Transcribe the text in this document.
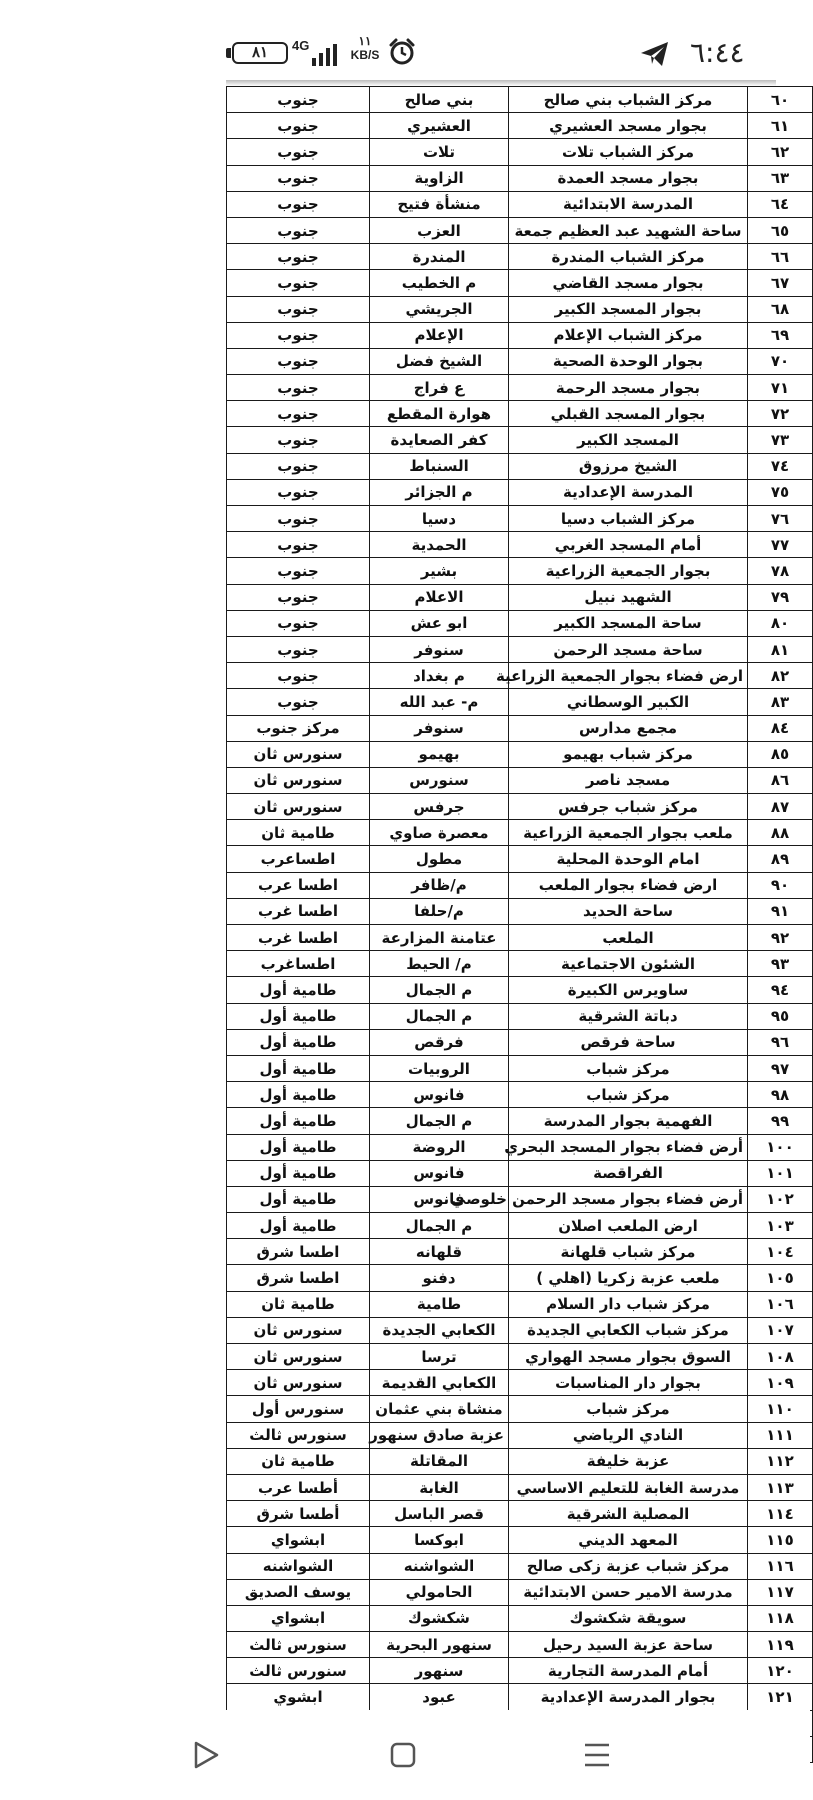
٨١	4G	١١
KB/S	٦:٤٤
٦٠	مركز الشباب بني صالح	بني صالح	جنوب
٦١	بجوار مسجد العشيري	العشيري	جنوب
٦٢	مركز الشباب تلات	تلات	جنوب
٦٣	بجوار مسجد العمدة	الزاوية	جنوب
٦٤	المدرسة الابتدائية	منشأة فتيح	جنوب
٦٥	ساحة الشهيد عبد العظيم جمعة	العزب	جنوب
٦٦	مركز الشباب المندرة	المندرة	جنوب
٦٧	بجوار مسجد القاضي	م الخطيب	جنوب
٦٨	بجوار المسجد الكبير	الجريشي	جنوب
٦٩	مركز الشباب الإعلام	الإعلام	جنوب
٧٠	بجوار الوحدة الصحية	الشيخ فضل	جنوب
٧١	بجوار مسجد الرحمة	ع فراج	جنوب
٧٢	بجوار المسجد القبلي	هوارة المقطع	جنوب
٧٣	المسجد الكبير	كفر الصعايدة	جنوب
٧٤	الشيخ مرزوق	السنباط	جنوب
٧٥	المدرسة الإعدادية	م الجزائر	جنوب
٧٦	مركز الشباب دسيا	دسيا	جنوب
٧٧	أمام المسجد الغربي	الحمدية	جنوب
٧٨	بجوار الجمعية الزراعية	بشير	جنوب
٧٩	الشهيد نبيل	الاعلام	جنوب
٨٠	ساحة المسجد الكبير	ابو عش	جنوب
٨١	ساحة مسجد الرحمن	سنوفر	جنوب
٨٢	ارض فضاء بجوار الجمعية الزراعية	م بغداد	جنوب
٨٣	الكبير الوسطاني	م- عبد الله	جنوب
٨٤	مجمع مدارس	سنوفر	مركز جنوب
٨٥	مركز شباب بهيمو	بهيمو	سنورس ثان
٨٦	مسجد ناصر	سنورس	سنورس ثان
٨٧	مركز شباب جرفس	جرفس	سنورس ثان
٨٨	ملعب بجوار الجمعية الزراعية	معصرة صاوي	طامية ثان
٨٩	امام الوحدة المحلية	مطول	اطساعرب
٩٠	ارض فضاء بجوار الملعب	م/ظافر	اطسا عرب
٩١	ساحة الحديد	م/حلفا	اطسا غرب
٩٢	الملعب	عتامنة المزارعة	اطسا غرب
٩٣	الشئون الاجتماعية	م/ الحيط	اطساغرب
٩٤	ساويرس الكبيرة	م الجمال	طامية أول
٩٥	دباتة الشرقية	م الجمال	طامية أول
٩٦	ساحة فرقص	فرقص	طامية أول
٩٧	مركز شباب	الروبيات	طامية أول
٩٨	مركز شباب	فانوس	طامية أول
٩٩	الفهمية بجوار المدرسة	م الجمال	طامية أول
١٠٠	أرض فضاء بجوار المسجد البحري	الروضة	طامية أول
١٠١	الفراقصة	فانوس	طامية أول
١٠٢	أرض فضاء بجوار مسجد الرحمن خلوصي	فانوس	طامية أول
١٠٣	ارض الملعب اصلان	م الجمال	طامية أول
١٠٤	مركز شباب قلهانة	قلهانه	اطسا شرق
١٠٥	ملعب عزبة زكريا (اهلي )	دفنو	اطسا شرق
١٠٦	مركز شباب دار السلام	طامية	طامية ثان
١٠٧	مركز شباب الكعابي الجديدة	الكعابي الجديدة	سنورس ثان
١٠٨	السوق بجوار مسجد الهواري	ترسا	سنورس ثان
١٠٩	بجوار دار المناسبات	الكعابي القديمة	سنورس ثان
١١٠	مركز شباب	منشاة بني عثمان	سنورس أول
١١١	النادي الرياضي	عزبة صادق سنهور	سنورس ثالث
١١٢	عزبة خليفة	المقاتلة	طامية ثان
١١٣	مدرسة الغابة للتعليم الاساسي	الغابة	أطسا عرب
١١٤	المصلية الشرقية	قصر الباسل	أطسا شرق
١١٥	المعهد الديني	ابوكسا	ابشواي
١١٦	مركز شباب عزبة زكى صالح	الشواشنه	الشواشنه
١١٧	مدرسة الامير حسن الابتدائية	الحامولي	يوسف الصديق
١١٨	سويقة شكشوك	شكشوك	ابشواي
١١٩	ساحة عزبة السيد رحيل	سنهور البحرية	سنورس ثالث
١٢٠	أمام المدرسة التجارية	سنهور	سنورس ثالث
١٢١	بجوار المدرسة الإعدادية	عبود	ابشوي
